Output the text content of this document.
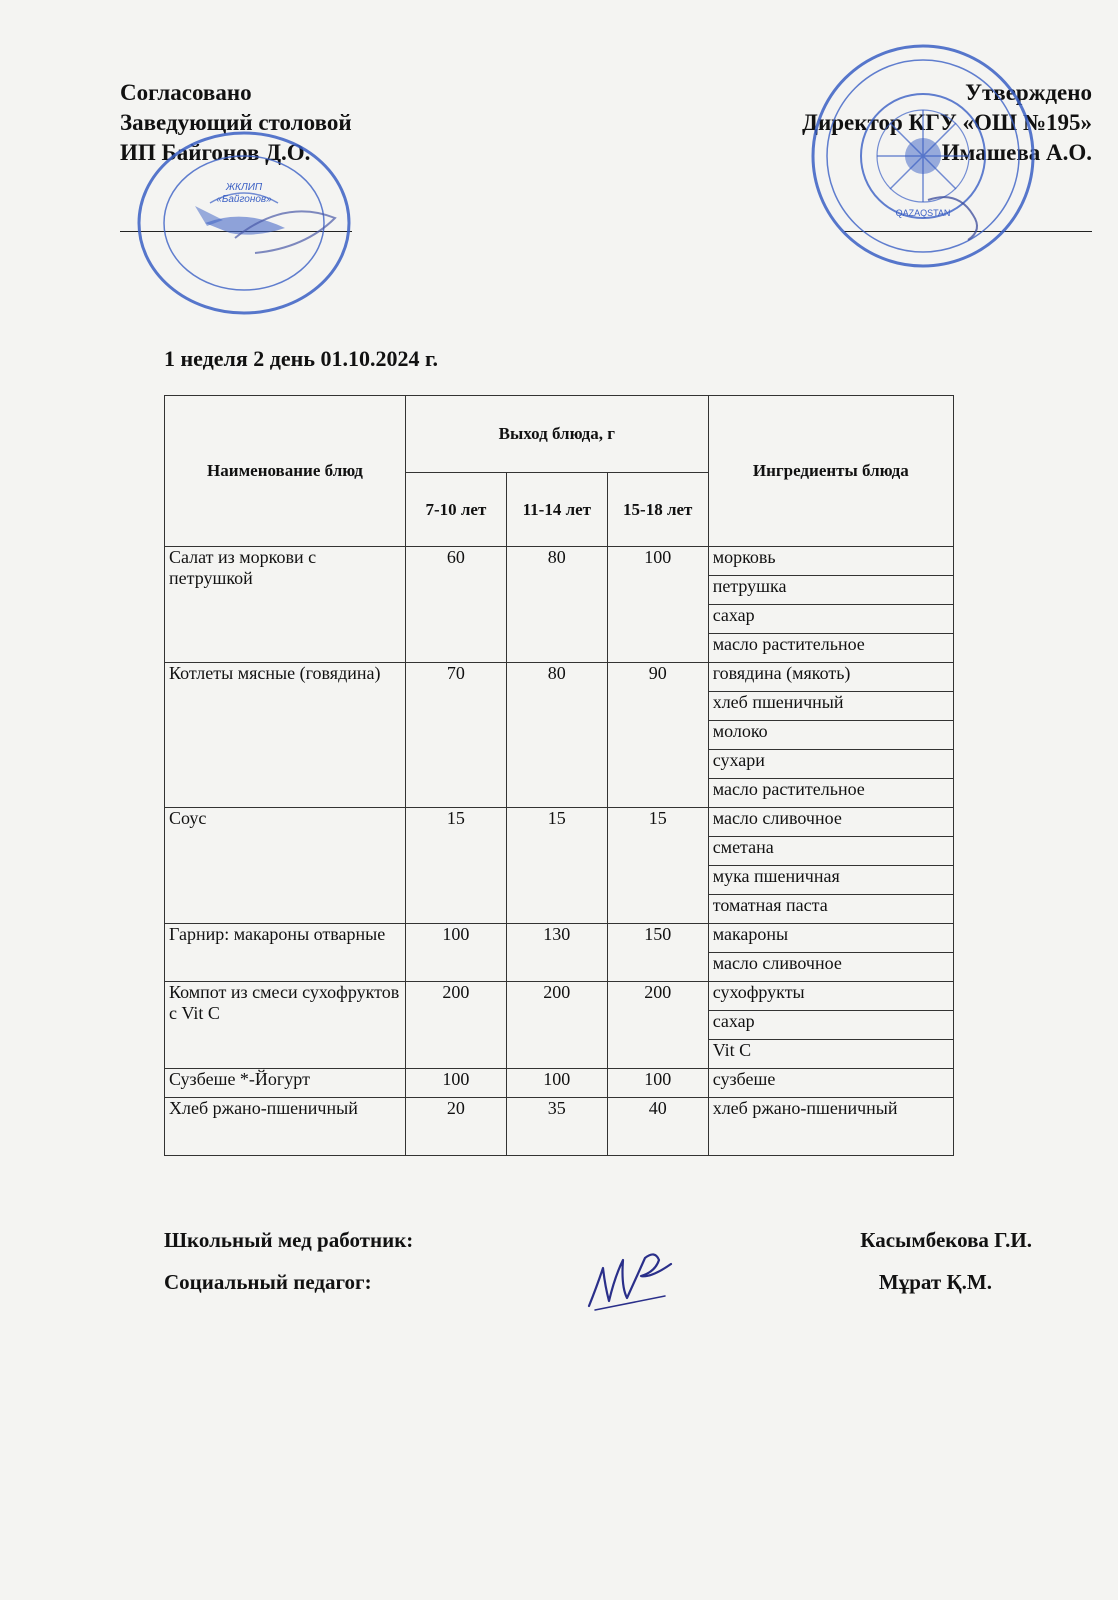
Согласовано
Заведующий столовой
ИП Байгонов Д.О.
Утверждено
Директор КГУ «ОШ №195»
Имашева А.О.
ЖКЛИП
«Байгонов»
QAZAQSTAN
1 неделя 2 день 01.10.2024 г.
Наименование блюд	Выход блюда, г			Ингредиенты блюда
	7-10 лет	11-14 лет	15-18 лет	
Салат из моркови с петрушкой	60	80	100	морковь
				петрушка
				сахар
				масло растительное
Котлеты мясные (говядина)	70	80	90	говядина (мякоть)
				хлеб пшеничный
				молоко
				сухари
				масло растительное
Соус	15	15	15	масло сливочное
				сметана
				мука пшеничная
				томатная паста
Гарнир: макароны отварные	100	130	150	макароны
				масло сливочное
Компот из смеси сухофруктов с Vit C	200	200	200	сухофрукты
				сахар
				Vit C
Сузбеше *-Йогурт	100	100	100	сузбеше
Хлеб ржано-пшеничный	20	35	40	хлеб ржано-пшеничный
Школьный мед работник:	Касымбекова Г.И.
Социальный педагог:	Мұрат Қ.М.
